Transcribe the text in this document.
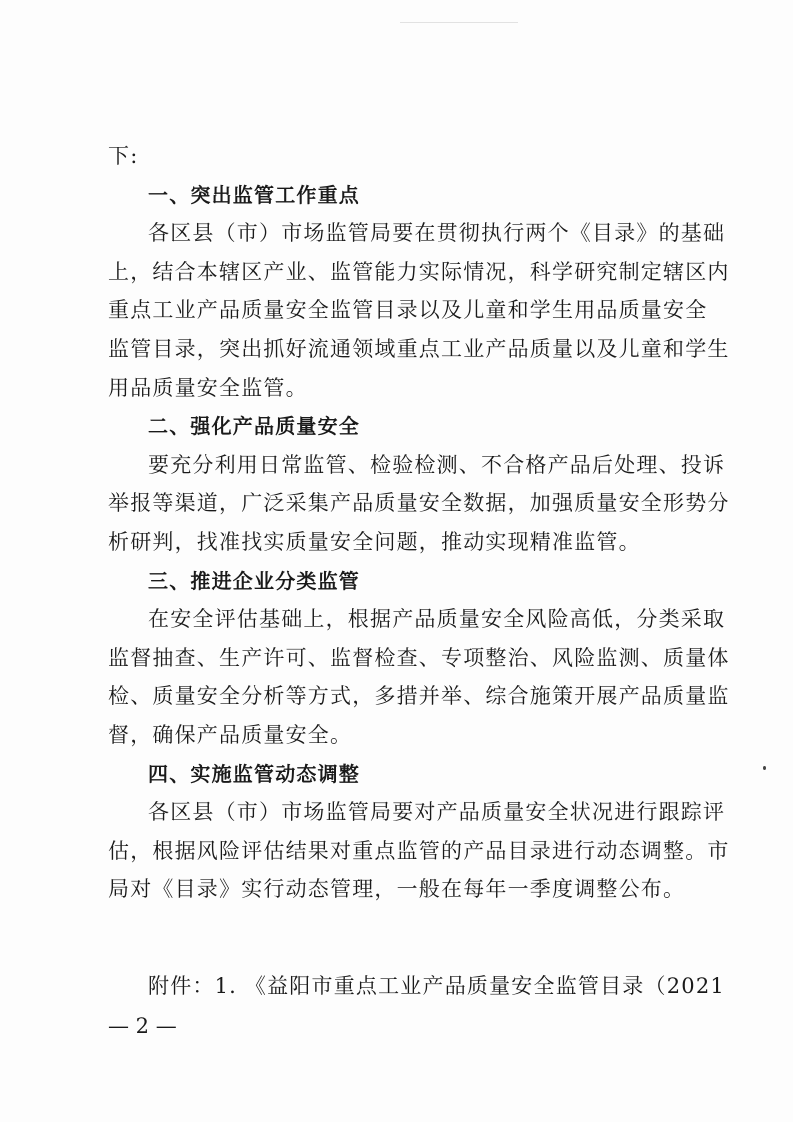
下:
一、突出监管工作重点
各区县（市）市场监管局要在贯彻执行两个《目录》的基础
上，结合本辖区产业、监管能力实际情况，科学研究制定辖区内
重点工业产品质量安全监管目录以及儿童和学生用品质量安全
监管目录，突出抓好流通领域重点工业产品质量以及儿童和学生
用品质量安全监管。
二、强化产品质量安全
要充分利用日常监管、检验检测、不合格产品后处理、投诉
举报等渠道，广泛采集产品质量安全数据，加强质量安全形势分
析研判，找准找实质量安全问题，推动实现精准监管。
三、推进企业分类监管
在安全评估基础上，根据产品质量安全风险高低，分类采取
监督抽查、生产许可、监督检查、专项整治、风险监测、质量体
检、质量安全分析等方式，多措并举、综合施策开展产品质量监
督，确保产品质量安全。
四、实施监管动态调整
各区县（市）市场监管局要对产品质量安全状况进行跟踪评
估，根据风险评估结果对重点监管的产品目录进行动态调整。市
局对《目录》实行动态管理，一般在每年一季度调整公布。
附件：1. 《益阳市重点工业产品质量安全监管目录（2021
— 2 —
